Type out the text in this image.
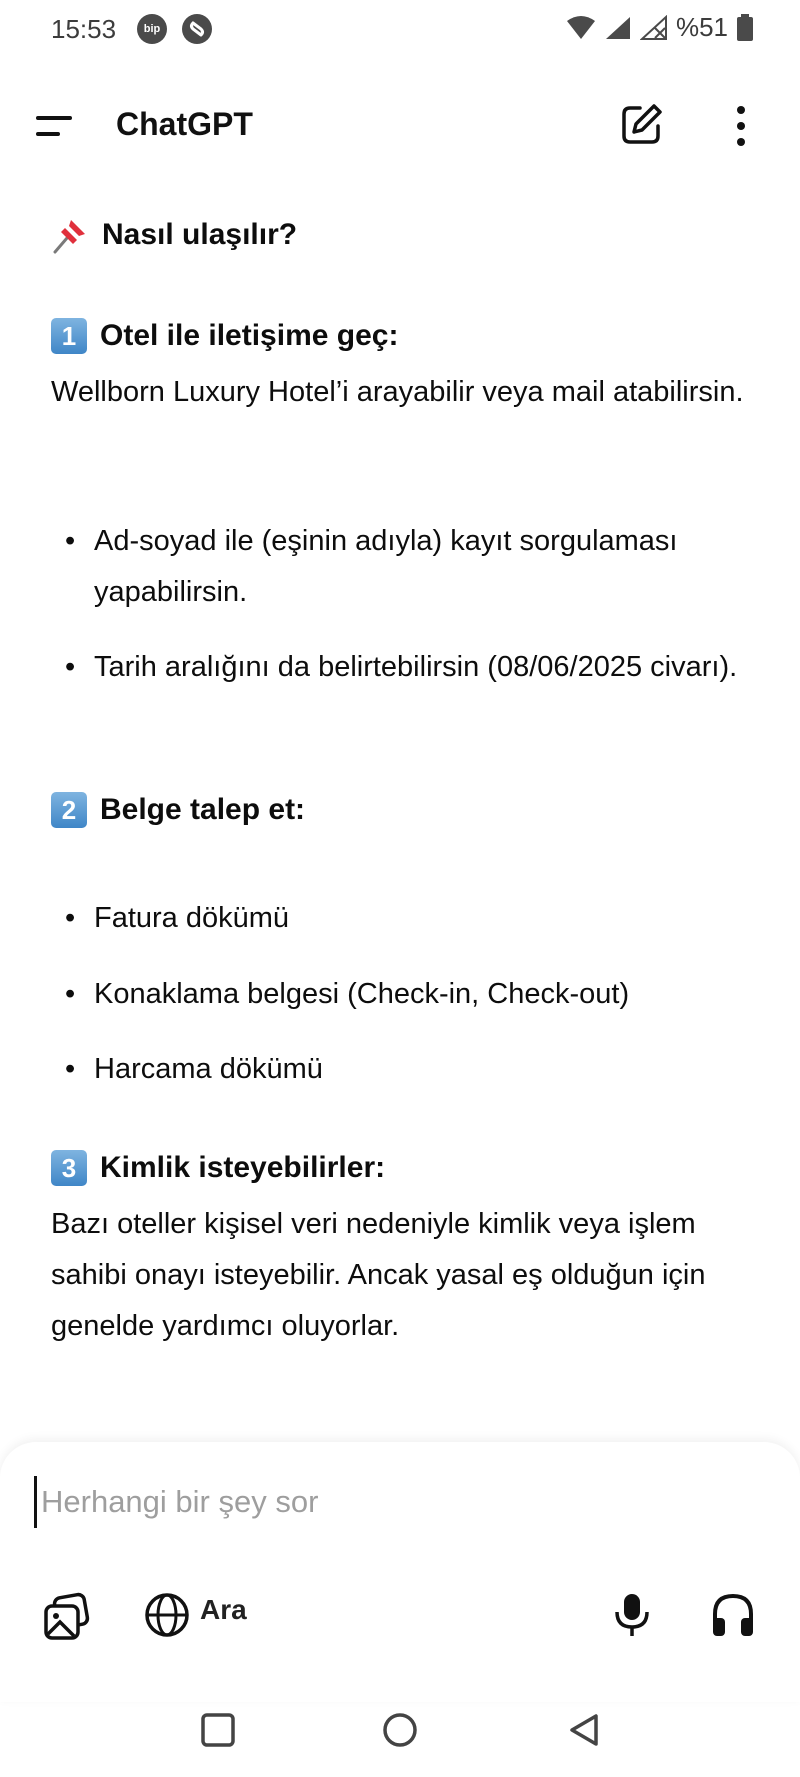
15:53	bip	%51
ChatGPT
Nasıl ulaşılır?
1 Otel ile iletişime geç:
Wellborn Luxury Hotel’i arayabilir veya mail atabilirsin.
• Ad-soyad ile (eşinin adıyla) kayıt sorgulaması yapabilirsin.
• Tarih aralığını da belirtebilirsin (08/06/2025 civarı).
2 Belge talep et:
• Fatura dökümü
• Konaklama belgesi (Check-in, Check-out)
• Harcama dökümü
3 Kimlik isteyebilirler:
Bazı oteller kişisel veri nedeniyle kimlik veya işlem sahibi onayı isteyebilir. Ancak yasal eş olduğun için genelde yardımcı oluyorlar.
Herhangi bir şey sor
Ara
